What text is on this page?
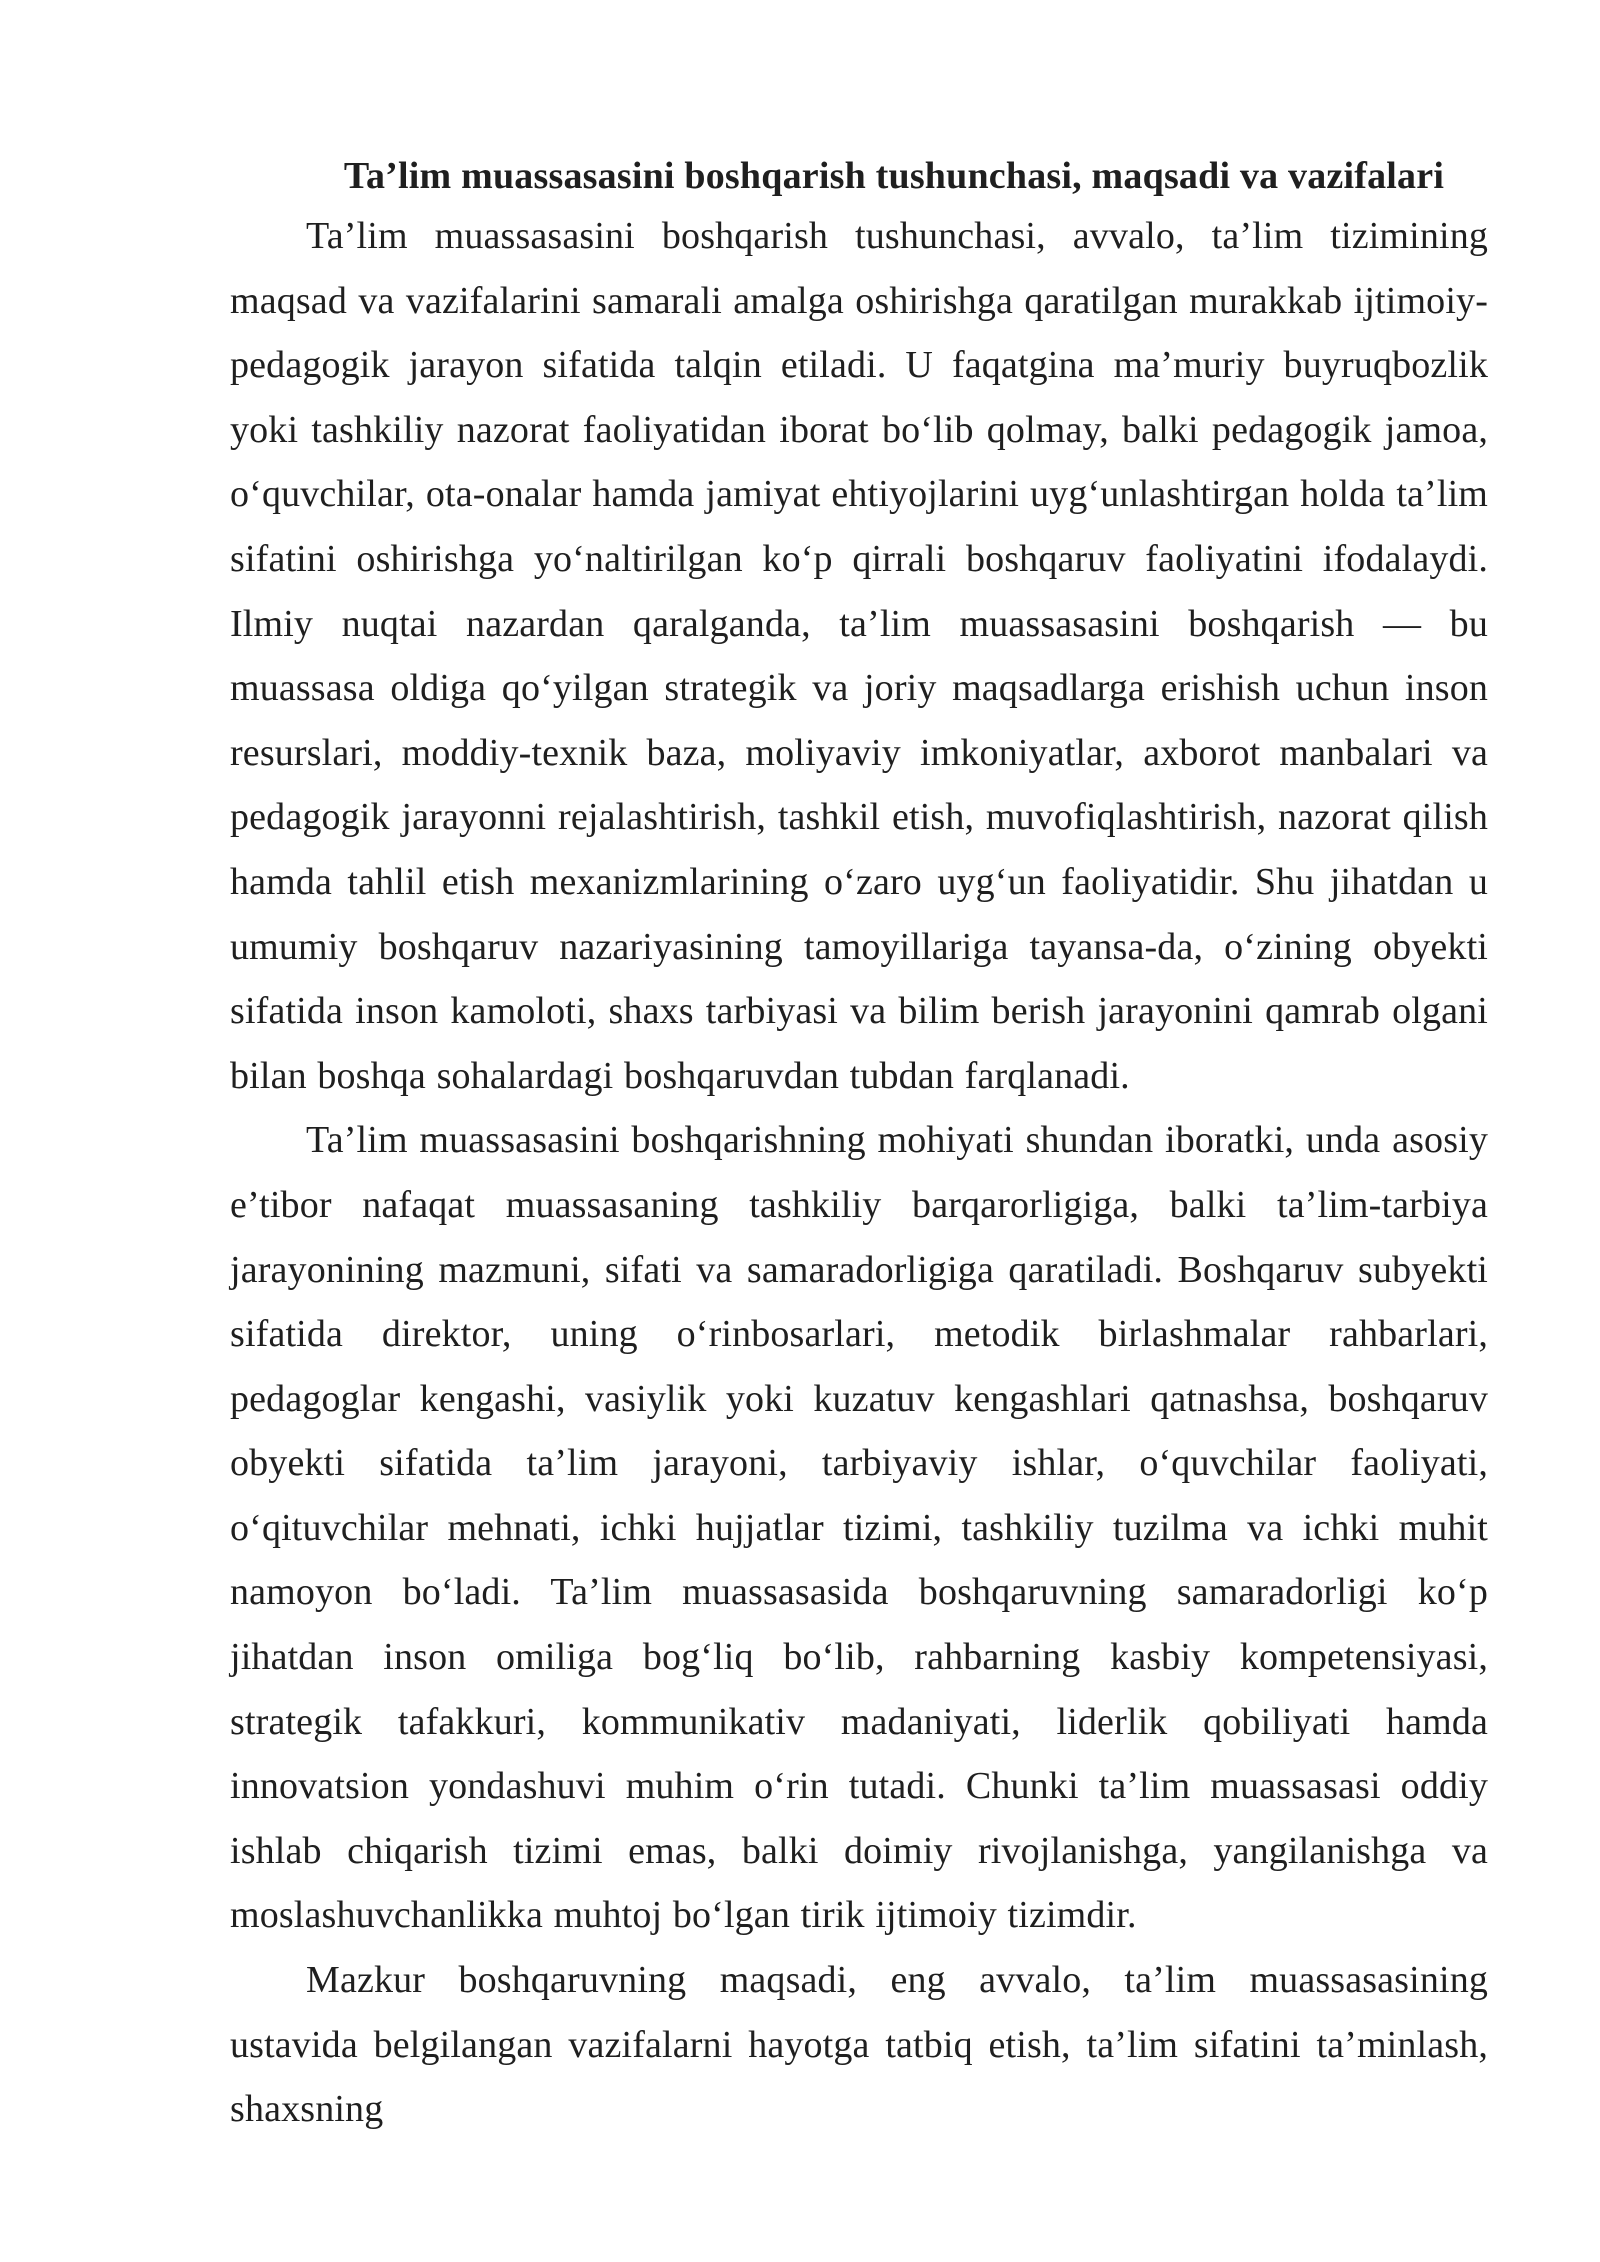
Ta’lim muassasasini boshqarish tushunchasi, maqsadi va vazifalari

Ta’lim muassasasini boshqarish tushunchasi, avvalo, ta’lim tizimining maqsad va vazifalarini samarali amalga oshirishga qaratilgan murakkab ijtimoiy-pedagogik jarayon sifatida talqin etiladi. U faqatgina ma’muriy buyruqbozlik yoki tashkiliy nazorat faoliyatidan iborat bo‘lib qolmay, balki pedagogik jamoa, o‘quvchilar, ota-onalar hamda jamiyat ehtiyojlarini uyg‘unlashtirgan holda ta’lim sifatini oshirishga yo‘naltirilgan ko‘p qirrali boshqaruv faoliyatini ifodalaydi. Ilmiy nuqtai nazardan qaralganda, ta’lim muassasasini boshqarish — bu muassasa oldiga qo‘yilgan strategik va joriy maqsadlarga erishish uchun inson resurslari, moddiy-texnik baza, moliyaviy imkoniyatlar, axborot manbalari va pedagogik jarayonni rejalashtirish, tashkil etish, muvofiqlashtirish, nazorat qilish hamda tahlil etish mexanizmlarining o‘zaro uyg‘un faoliyatidir. Shu jihatdan u umumiy boshqaruv nazariyasining tamoyillariga tayansa-da, o‘zining obyekti sifatida inson kamoloti, shaxs tarbiyasi va bilim berish jarayonini qamrab olgani bilan boshqa sohalardagi boshqaruvdan tubdan farqlanadi.

Ta’lim muassasasini boshqarishning mohiyati shundan iboratki, unda asosiy e’tibor nafaqat muassasaning tashkiliy barqarorligiga, balki ta’lim-tarbiya jarayonining mazmuni, sifati va samaradorligiga qaratiladi. Boshqaruv subyekti sifatida direktor, uning o‘rinbosarlari, metodik birlashmalar rahbarlari, pedagoglar kengashi, vasiylik yoki kuzatuv kengashlari qatnashsa, boshqaruv obyekti sifatida ta’lim jarayoni, tarbiyaviy ishlar, o‘quvchilar faoliyati, o‘qituvchilar mehnati, ichki hujjatlar tizimi, tashkiliy tuzilma va ichki muhit namoyon bo‘ladi. Ta’lim muassasasida boshqaruvning samaradorligi ko‘p jihatdan inson omiliga bog‘liq bo‘lib, rahbarning kasbiy kompetensiyasi, strategik tafakkuri, kommunikativ madaniyati, liderlik qobiliyati hamda innovatsion yondashuvi muhim o‘rin tutadi. Chunki ta’lim muassasasi oddiy ishlab chiqarish tizimi emas, balki doimiy rivojlanishga, yangilanishga va moslashuvchanlikka muhtoj bo‘lgan tirik ijtimoiy tizimdir.

Mazkur boshqaruvning maqsadi, eng avvalo, ta’lim muassasasining ustavida belgilangan vazifalarni hayotga tatbiq etish, ta’lim sifatini ta’minlash, shaxsning
